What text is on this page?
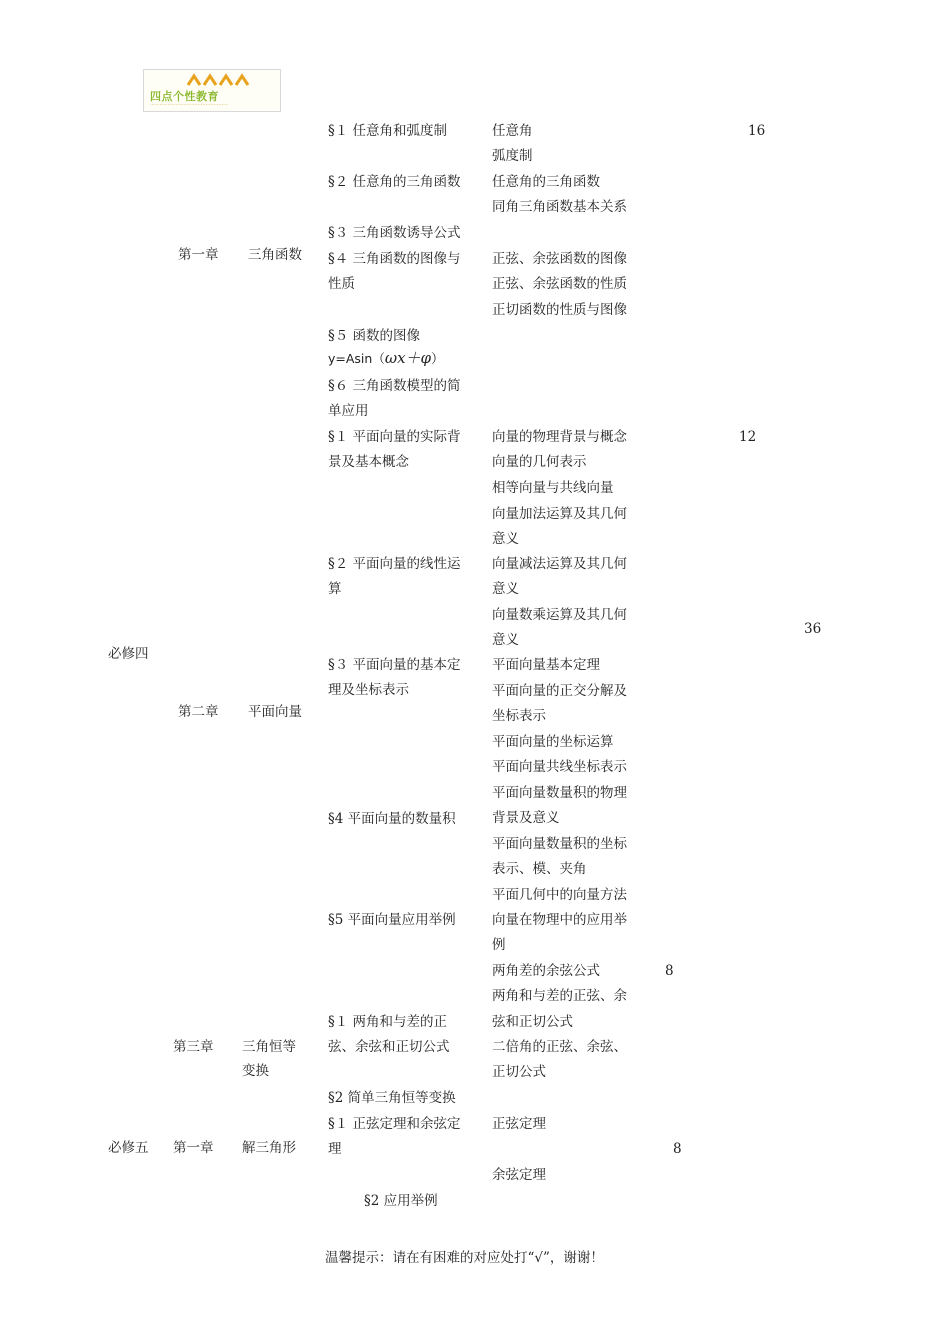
四点个性教育
·················································
16
12
36
8
8
必修四
必修五
第一章 三角函数
第二章 平面向量
第三章 三角恒等
变换
第一章 解三角形
§１ 任意角和弧度制
§２ 任意角的三角函数
§３ 三角函数诱导公式
§４ 三角函数的图像与
性质
§５ 函数的图像
y=Asin（ωx＋φ）
§６ 三角函数模型的简
单应用
§１ 平面向量的实际背
景及基本概念
§２ 平面向量的线性运
算
§３ 平面向量的基本定
理及坐标表示
§4 平面向量的数量积
§5 平面向量应用举例
§１ 两角和与差的正
弦、余弦和正切公式
§2 简单三角恒等变换
§１ 正弦定理和余弦定
理
§2 应用举例
任意角
弧度制
任意角的三角函数
同角三角函数基本关系
正弦、余弦函数的图像
正弦、余弦函数的性质
正切函数的性质与图像
向量的物理背景与概念
向量的几何表示
相等向量与共线向量
向量加法运算及其几何
意义
向量减法运算及其几何
意义
向量数乘运算及其几何
意义
平面向量基本定理
平面向量的正交分解及
坐标表示
平面向量的坐标运算
平面向量共线坐标表示
平面向量数量积的物理
背景及意义
平面向量数量积的坐标
表示、模、夹角
平面几何中的向量方法
向量在物理中的应用举
例
两角差的余弦公式
两角和与差的正弦、余
弦和正切公式
二倍角的正弦、余弦、
正切公式
正弦定理
余弦定理
温馨提示：请在有困难的对应处打“√”，谢谢！
